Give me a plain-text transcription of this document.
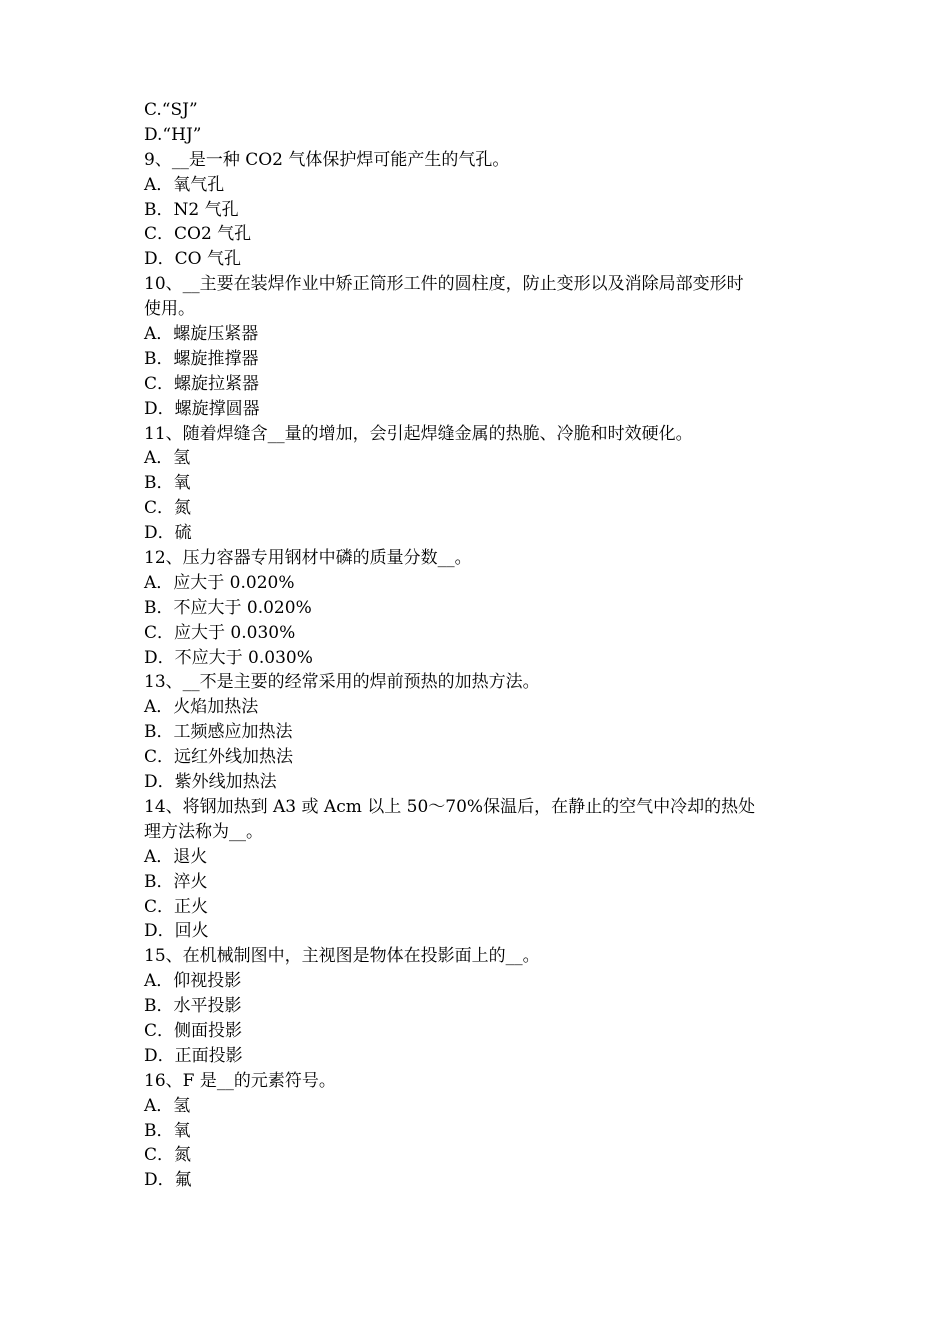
C.“SJ”
D.“HJ”
9、__是一种 CO2 气体保护焊可能产生的气孔。
A．氧气孔
B．N2 气孔
C．CO2 气孔
D．CO 气孔
10、__主要在装焊作业中矫正筒形工件的圆柱度，防止变形以及消除局部变形时
使用。
A．螺旋压紧器
B．螺旋推撑器
C．螺旋拉紧器
D．螺旋撑圆器
11、随着焊缝含__量的增加，会引起焊缝金属的热脆、冷脆和时效硬化。
A．氢
B．氧
C．氮
D．硫
12、压力容器专用钢材中磷的质量分数__。
A．应大于 0.020%
B．不应大于 0.020%
C．应大于 0.030%
D．不应大于 0.030%
13、__不是主要的经常采用的焊前预热的加热方法。
A．火焰加热法
B．工频感应加热法
C．远红外线加热法
D．紫外线加热法
14、将钢加热到 A3 或 Acm 以上 50～70%保温后，在静止的空气中冷却的热处
理方法称为__。
A．退火
B．淬火
C．正火
D．回火
15、在机械制图中，主视图是物体在投影面上的__。
A．仰视投影
B．水平投影
C．侧面投影
D．正面投影
16、F 是__的元素符号。
A．氢
B．氧
C．氮
D．氟
